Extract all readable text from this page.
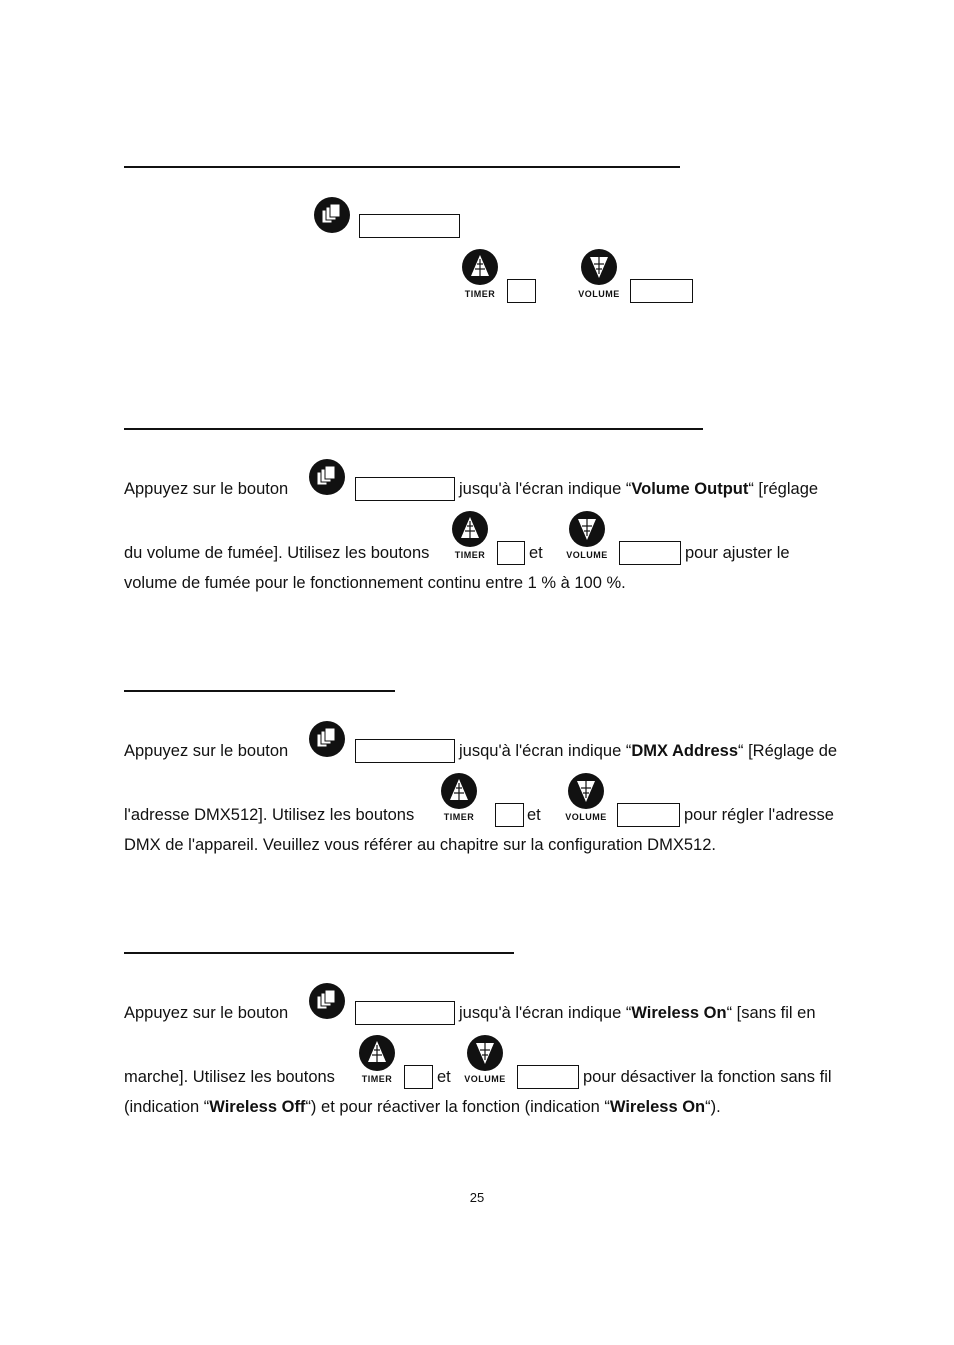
TIMER	VOLUME
Appuyez sur le bouton	jusqu'à l'écran indique “Volume Output“ [réglage
du volume de fumée]. Utilisez les boutons	TIMER	et	VOLUME	pour ajuster le
volume de fumée pour le fonctionnement continu entre 1 % à 100 %.
Appuyez sur le bouton	jusqu'à l'écran indique “DMX Address“ [Réglage de
l'adresse DMX512]. Utilisez les boutons	TIMER	et	VOLUME	pour régler l'adresse
DMX de l'appareil. Veuillez vous référer au chapitre sur la configuration DMX512.
Appuyez sur le bouton	jusqu'à l'écran indique “Wireless On“ [sans fil en
marche]. Utilisez les boutons	TIMER	et	VOLUME	pour désactiver la fonction sans fil
(indication “Wireless Off“) et pour réactiver la fonction (indication “Wireless On“).
25
